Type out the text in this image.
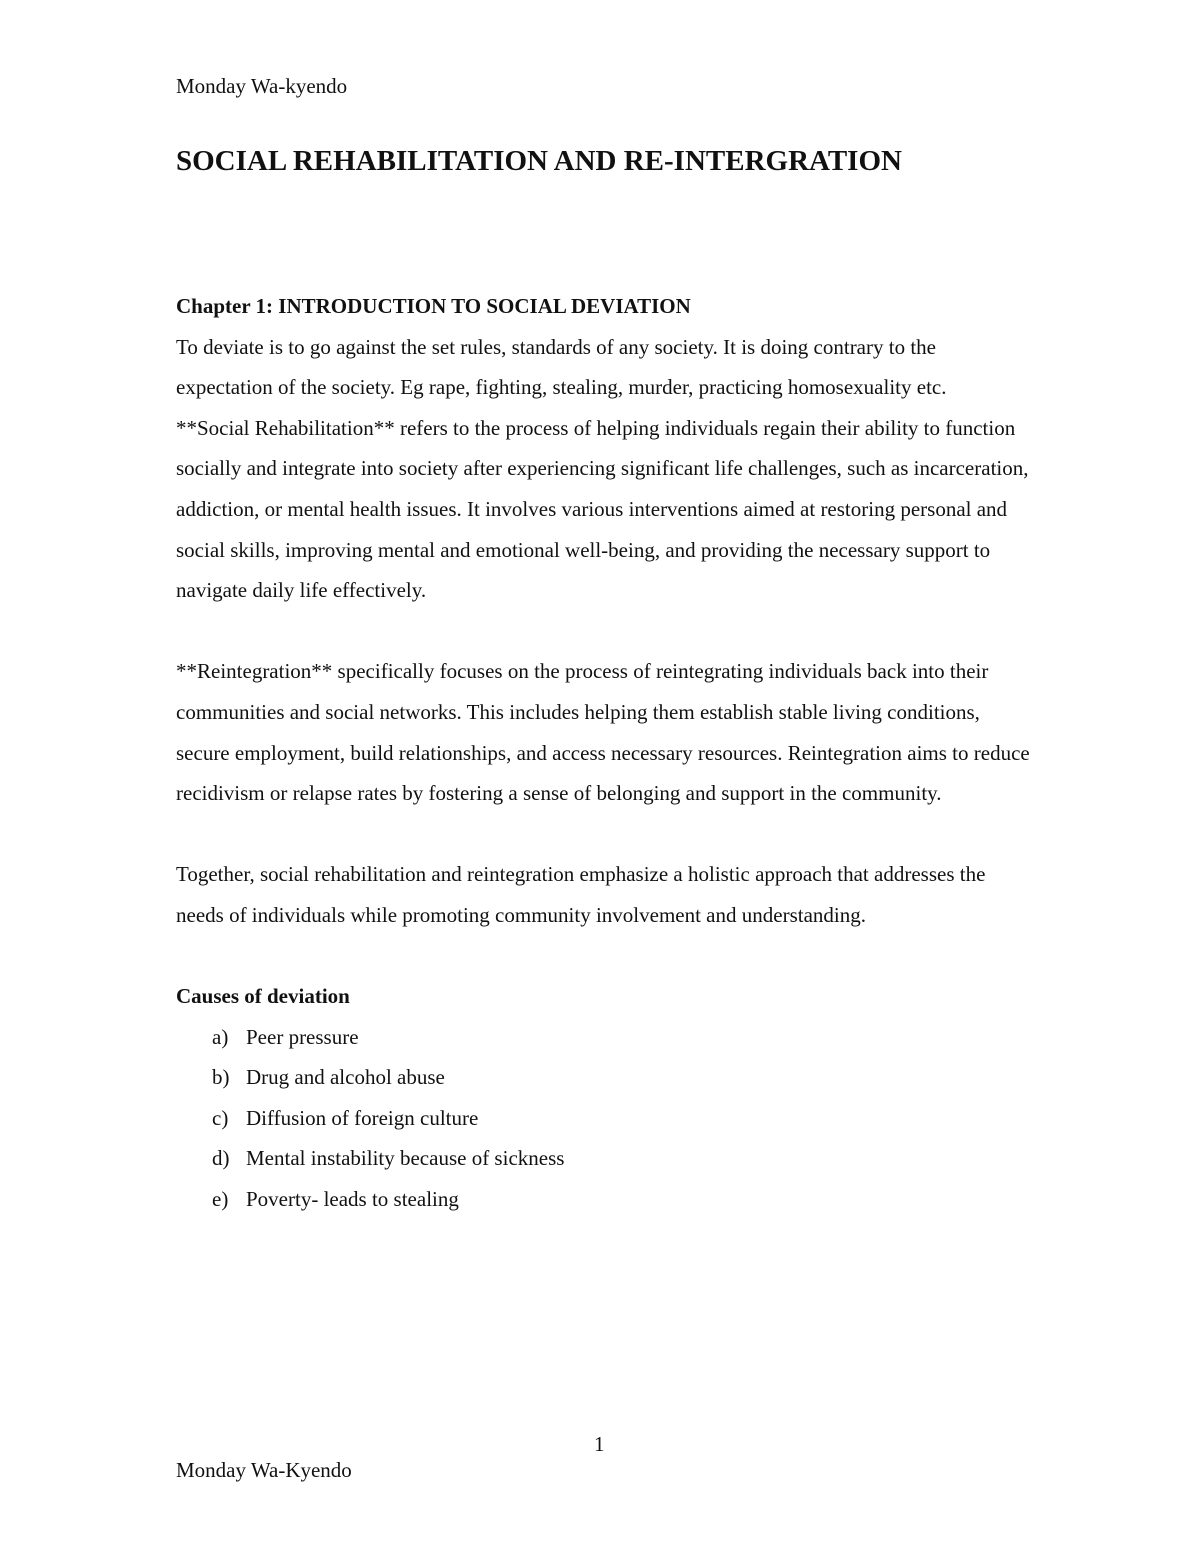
Monday Wa-kyendo
SOCIAL REHABILITATION AND RE-INTERGRATION

Chapter 1: INTRODUCTION TO SOCIAL DEVIATION

To deviate is to go against the set rules, standards of any society. It is doing contrary to the expectation of the society. Eg rape, fighting, stealing, murder, practicing homosexuality etc.

**Social Rehabilitation** refers to the process of helping individuals regain their ability to function socially and integrate into society after experiencing significant life challenges, such as incarceration, addiction, or mental health issues. It involves various interventions aimed at restoring personal and social skills, improving mental and emotional well-being, and providing the necessary support to navigate daily life effectively.

**Reintegration** specifically focuses on the process of reintegrating individuals back into their communities and social networks. This includes helping them establish stable living conditions, secure employment, build relationships, and access necessary resources. Reintegration aims to reduce recidivism or relapse rates by fostering a sense of belonging and support in the community.

Together, social rehabilitation and reintegration emphasize a holistic approach that addresses the needs of individuals while promoting community involvement and understanding.

Causes of deviation

a) Peer pressure
b) Drug and alcohol abuse
c) Diffusion of foreign culture
d) Mental instability because of sickness
e) Poverty- leads to stealing
1
Monday Wa-Kyendo
